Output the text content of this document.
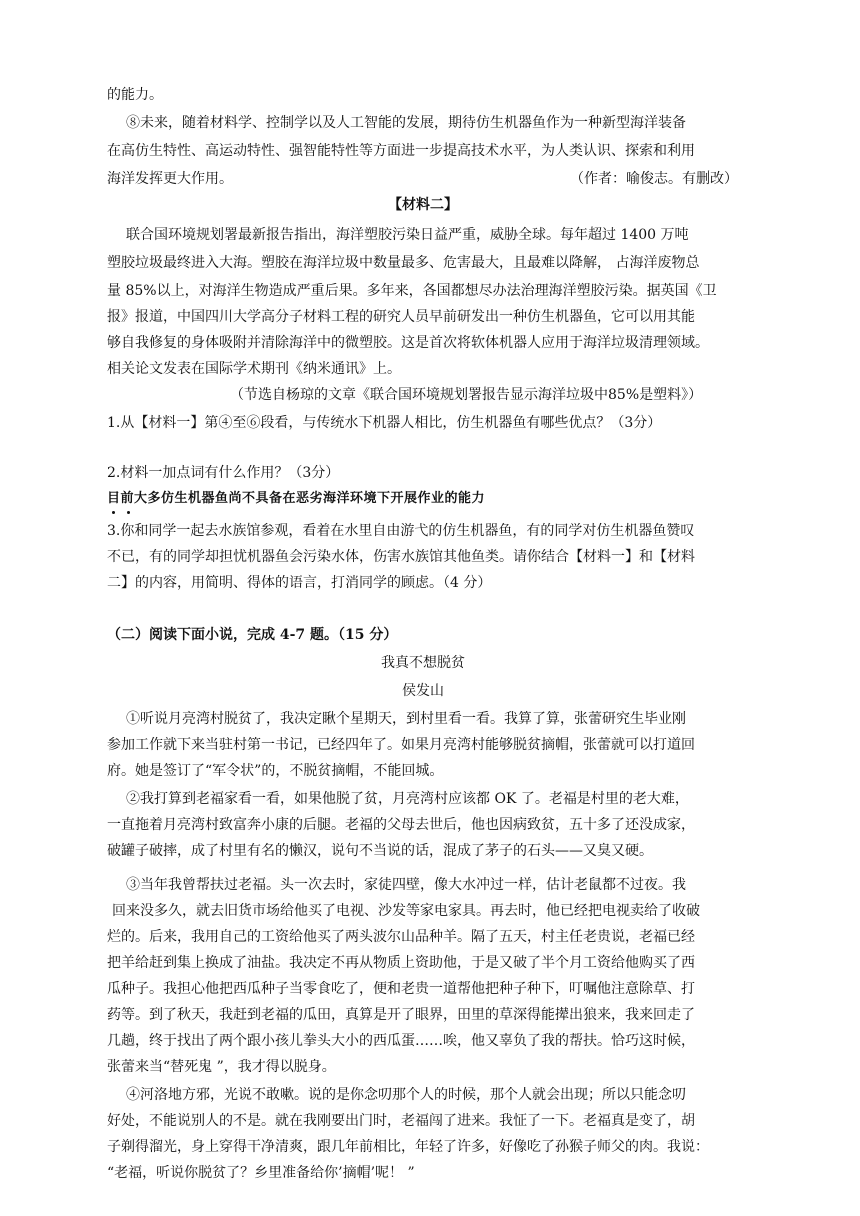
的能力。
⑧未来，随着材料学、控制学以及人工智能的发展，期待仿生机器鱼作为一种新型海洋装备
在高仿生特性、高运动特性、强智能特性等方面进一步提高技术水平，为人类认识、探索和利用
海洋发挥更大作用。	（作者：喻俊志。有删改）
【材料二】
联合国环境规划署最新报告指出，海洋塑胶污染日益严重，威胁全球。每年超过 1400 万吨
塑胶垃圾最终进入大海。塑胶在海洋垃圾中数量最多、危害最大，且最难以降解， 占海洋废物总
量 85%以上，对海洋生物造成严重后果。多年来，各国都想尽办法治理海洋塑胶污染。据英国《卫
报》报道，中国四川大学高分子材料工程的研究人员早前研发出一种仿生机器鱼，它可以用其能
够自我修复的身体吸附并清除海洋中的微塑胶。这是首次将软体机器人应用于海洋垃圾清理领域。
相关论文发表在国际学术期刊《纳米通讯》上。
（节选自杨琼的文章《联合国环境规划署报告显示海洋垃圾中85%是塑料》）
1.从【材料一】第④至⑥段看，与传统水下机器人相比，仿生机器鱼有哪些优点？（3分）
2.材料一加点词有什么作用？（3分）
目前大多仿生机器鱼尚不具备在恶劣海洋环境下开展作业的能力
3.你和同学一起去水族馆参观，看着在水里自由游弋的仿生机器鱼，有的同学对仿生机器鱼赞叹
不已，有的同学却担忧机器鱼会污染水体，伤害水族馆其他鱼类。请你结合【材料一】和【材料
二】的内容，用简明、得体的语言，打消同学的顾虑。（4 分）
（二）阅读下面小说，完成 4-7 题。（15 分）
我真不想脱贫
侯发山
①听说月亮湾村脱贫了，我决定瞅个星期天，到村里看一看。我算了算，张蕾研究生毕业刚
参加工作就下来当驻村第一书记，已经四年了。如果月亮湾村能够脱贫摘帽，张蕾就可以打道回
府。她是签订了“军令状”的，不脱贫摘帽，不能回城。
②我打算到老福家看一看，如果他脱了贫，月亮湾村应该都 OK 了。老福是村里的老大难，
一直拖着月亮湾村致富奔小康的后腿。老福的父母去世后，他也因病致贫，五十多了还没成家，
破罐子破摔，成了村里有名的懒汉，说句不当说的话，混成了茅子的石头——又臭又硬。
③当年我曾帮扶过老福。头一次去时，家徒四壁，像大水冲过一样，估计老鼠都不过夜。我
回来没多久，就去旧货市场给他买了电视、沙发等家电家具。再去时，他已经把电视卖给了收破
烂的。后来，我用自己的工资给他买了两头波尔山品种羊。隔了五天，村主任老贵说，老福已经
把羊给赶到集上换成了油盐。我决定不再从物质上资助他，于是又破了半个月工资给他购买了西
瓜种子。我担心他把西瓜种子当零食吃了，便和老贵一道帮他把种子种下，叮嘱他注意除草、打
药等。到了秋天，我赶到老福的瓜田，真算是开了眼界，田里的草深得能撵出狼来，我来回走了
几趟，终于找出了两个跟小孩儿拳头大小的西瓜蛋……唉，他又辜负了我的帮扶。恰巧这时候，
张蕾来当“替死鬼 ”，我才得以脱身。
④河洛地方邪，光说不敢嗽。说的是你念叨那个人的时候，那个人就会出现；所以只能念叨
好处，不能说别人的不是。就在我刚要出门时，老福闯了进来。我怔了一下。老福真是变了，胡
子剃得溜光，身上穿得干净清爽，跟几年前相比，年轻了许多，好像吃了孙猴子师父的肉。我说：
“老福，听说你脱贫了？乡里准备给你’摘帽’呢！ ”
